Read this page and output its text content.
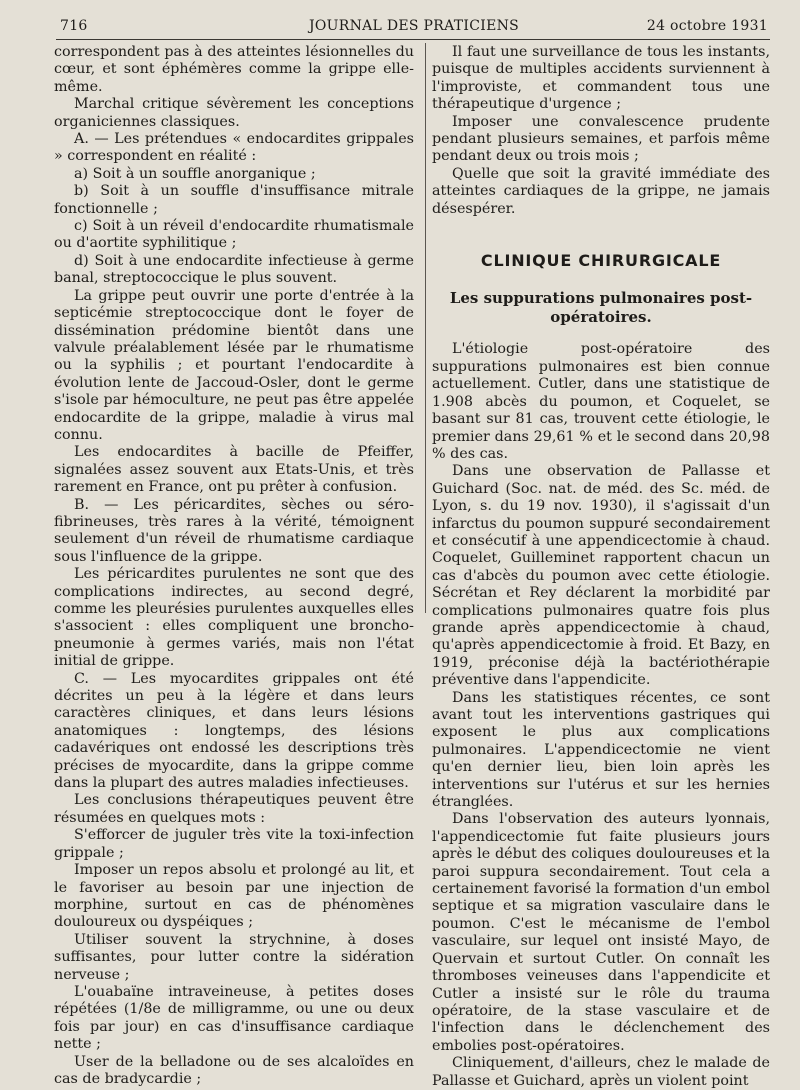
716	JOURNAL DES PRATICIENS	24 octobre 1931

correspondent pas à des atteintes lésionnelles du cœur, et sont éphémères comme la grippe elle-même.

Marchal critique sévèrement les conceptions organiciennes classiques.

A. — Les prétendues « endocardites grippales » correspondent en réalité :

a) Soit à un souffle anorganique ;

b) Soit à un souffle d'insuffisance mitrale fonctionnelle ;

c) Soit à un réveil d'endocardite rhumatismale ou d'aortite syphilitique ;

d) Soit à une endocardite infectieuse à germe banal, streptococcique le plus souvent.

La grippe peut ouvrir une porte d'entrée à la septicémie streptococcique dont le foyer de dissémination prédomine bientôt dans une valvule préalablement lésée par le rhumatisme ou la syphilis ; et pourtant l'endocardite à évolution lente de Jaccoud-Osler, dont le germe s'isole par hémoculture, ne peut pas être appelée endocardite de la grippe, maladie à virus mal connu.

Les endocardites à bacille de Pfeiffer, signalées assez souvent aux Etats-Unis, et très rarement en France, ont pu prêter à confusion.

B. — Les péricardites, sèches ou séro-fibrineuses, très rares à la vérité, témoignent seulement d'un réveil de rhumatisme cardiaque sous l'influence de la grippe.

Les péricardites purulentes ne sont que des complications indirectes, au second degré, comme les pleurésies purulentes auxquelles elles s'associent : elles compliquent une broncho-pneumonie à germes variés, mais non l'état initial de grippe.

C. — Les myocardites grippales ont été décrites un peu à la légère et dans leurs caractères cliniques, et dans leurs lésions anatomiques : longtemps, des lésions cadavériques ont endossé les descriptions très précises de myocardite, dans la grippe comme dans la plupart des autres maladies infectieuses.

Les conclusions thérapeutiques peuvent être résumées en quelques mots :

S'efforcer de juguler très vite la toxi-infection grippale ;

Imposer un repos absolu et prolongé au lit, et le favoriser au besoin par une injection de morphine, surtout en cas de phénomènes douloureux ou dyspéiques ;

Utiliser souvent la strychnine, à doses suffisantes, pour lutter contre la sidération nerveuse ;

L'ouabaïne intraveineuse, à petites doses répétées (1/8e de milligramme, ou une ou deux fois par jour) en cas d'insuffisance cardiaque nette ;

User de la belladone ou de ses alcaloïdes en cas de bradycardie ;

Il faut une surveillance de tous les instants, puisque de multiples accidents surviennent à l'improviste, et commandent tous une thérapeutique d'urgence ;

Imposer une convalescence prudente pendant plusieurs semaines, et parfois même pendant deux ou trois mois ;

Quelle que soit la gravité immédiate des atteintes cardiaques de la grippe, ne jamais désespérer.

CLINIQUE CHIRURGICALE
Les suppurations pulmonaires post-opératoires.

L'étiologie post-opératoire des suppurations pulmonaires est bien connue actuellement. Cutler, dans une statistique de 1.908 abcès du poumon, et Coquelet, se basant sur 81 cas, trouvent cette étiologie, le premier dans 29,61 % et le second dans 20,98 % des cas.

Dans une observation de Pallasse et Guichard (Soc. nat. de méd. des Sc. méd. de Lyon, s. du 19 nov. 1930), il s'agissait d'un infarctus du poumon suppuré secondairement et consécutif à une appendicectomie à chaud. Coquelet, Guilleminet rapportent chacun un cas d'abcès du poumon avec cette étiologie. Sécrétan et Rey déclarent la morbidité par complications pulmonaires quatre fois plus grande après appendicectomie à chaud, qu'après appendicectomie à froid. Et Bazy, en 1919, préconise déjà la bactériothérapie préventive dans l'appendicite.

Dans les statistiques récentes, ce sont avant tout les interventions gastriques qui exposent le plus aux complications pulmonaires. L'appendicectomie ne vient qu'en dernier lieu, bien loin après les interventions sur l'utérus et sur les hernies étranglées.

Dans l'observation des auteurs lyonnais, l'appendicectomie fut faite plusieurs jours après le début des coliques douloureuses et la paroi suppura secondairement. Tout cela a certainement favorisé la formation d'un embol septique et sa migration vasculaire dans le poumon. C'est le mécanisme de l'embol vasculaire, sur lequel ont insisté Mayo, de Quervain et surtout Cutler. On connaît les thromboses veineuses dans l'appendicite et Cutler a insisté sur le rôle du trauma opératoire, de la stase vasculaire et de l'infection dans le déclenchement des embolies post-opératoires.

Cliniquement, d'ailleurs, chez le malade de Pallasse et Guichard, après un violent point
